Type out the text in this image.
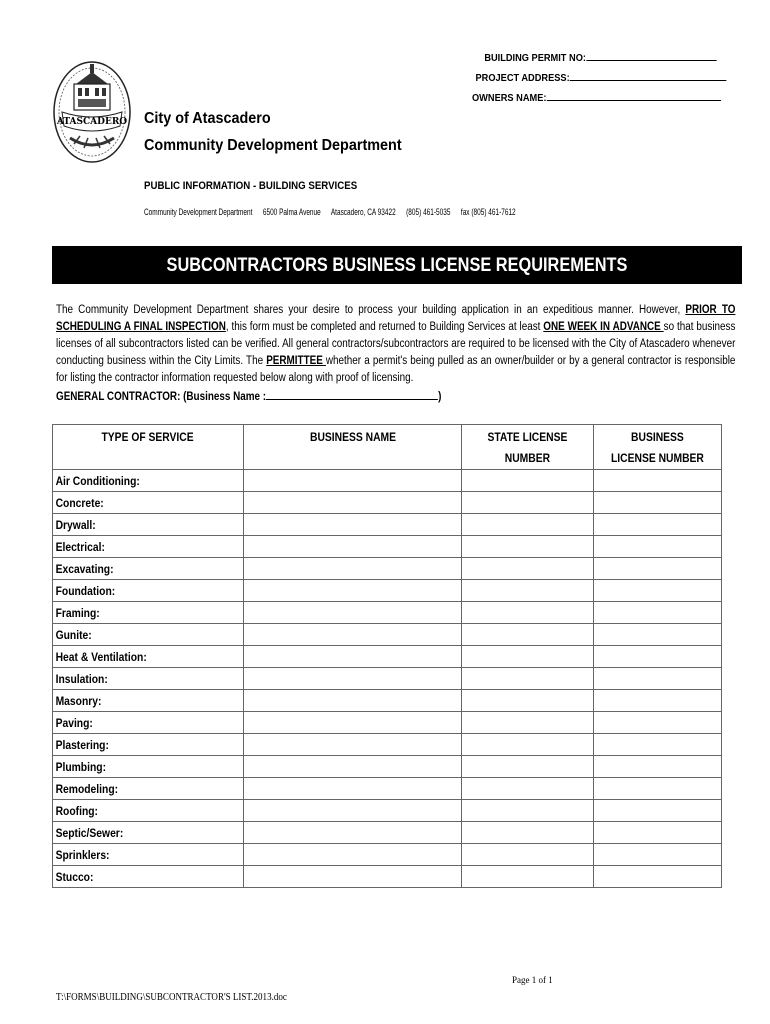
BUILDING PERMIT NO:
PROJECT ADDRESS:
OWNERS NAME:
ATASCADERO City of Atascadero
Community Development Department
PUBLIC INFORMATION - BUILDING SERVICES
Community Development Department 6500 Palma Avenue Atascadero, CA 93422 (805) 461-5035 fax (805) 461-7612
SUBCONTRACTORS BUSINESS LICENSE REQUIREMENTS
The Community Development Department shares your desire to process your building application in an expeditious manner. However, PRIOR TO SCHEDULING A FINAL INSPECTION, this form must be completed and returned to Building Services at least ONE WEEK IN ADVANCE so that business licenses of all subcontractors listed can be verified. All general contractors/subcontractors are required to be licensed with the City of Atascadero whenever conducting business within the City Limits. The PERMITTEE whether a permit's being pulled as an owner/builder or by a general contractor is responsible for listing the contractor information requested below along with proof of licensing.
GENERAL CONTRACTOR: (Business Name :	)
TYPE OF SERVICE	BUSINESS NAME	STATE LICENSE NUMBER	BUSINESS LICENSE NUMBER
Air Conditioning:			
Concrete:			
Drywall:			
Electrical:			
Excavating:			
Foundation:			
Framing:			
Gunite:			
Heat & Ventilation:			
Insulation:			
Masonry:			
Paving:			
Plastering:			
Plumbing:			
Remodeling:			
Roofing:			
Septic/Sewer:			
Sprinklers:			
Stucco:			
Page 1 of 1
T:\FORMS\BUILDING\SUBCONTRACTOR'S LIST.2013.doc
